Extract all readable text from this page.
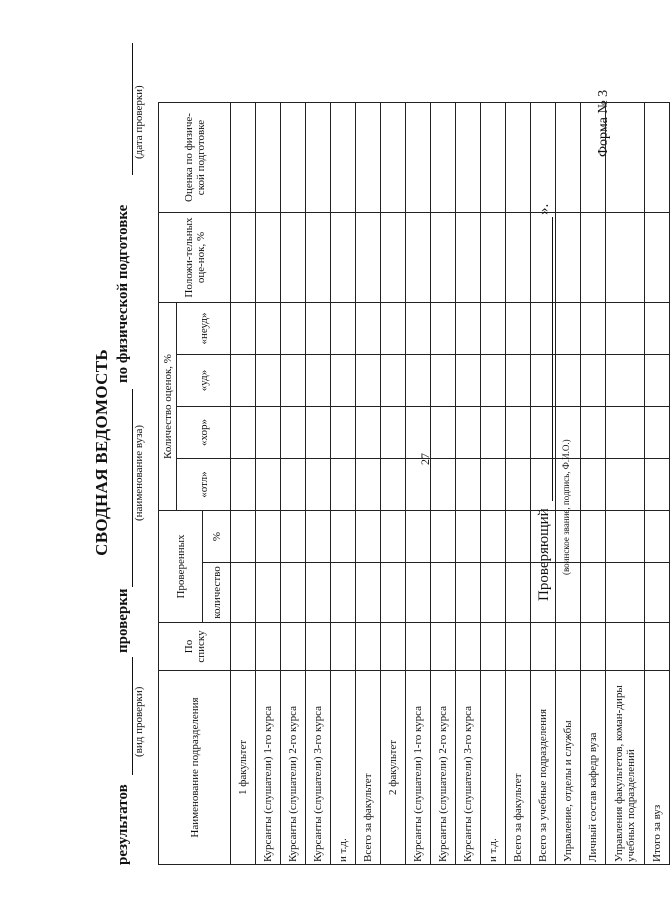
27
Форма № 3
СВОДНАЯ ВЕДОМОСТЬ
результатов
(вид проверки)
проверки
(наименование вуза)
по физической подготовке
(дата проверки)
Наименование подразделения	По списку	Проверенных		Количество оценок, %				Положи-тельных оце-нок, %	Оценка по физиче-ской подготовке
				«отл»	«хор»	«уд»	«неуд»		
		количество	%						
1 факультет									
Курсанты (слушатели) 1-го курса									
Курсанты (слушатели) 2-го курса									
Курсанты (слушатели) 3-го курса									
и т.д.									
Всего за факультет									
2 факультет									
Курсанты (слушатели) 1-го курса									
Курсанты (слушатели) 2-го курса									
Курсанты (слушатели) 3-го курса									
и т.д.									
Всего за факультет									
Всего за учебные подразделения									
Управление, отделы и службы									
Личный состав кафедр вуза									
Управления факультетов, коман-диры учебных подразделений									
Итого за вуз									
Проверяющий
».
(воинское звание, подпись, Ф.И.О.)
